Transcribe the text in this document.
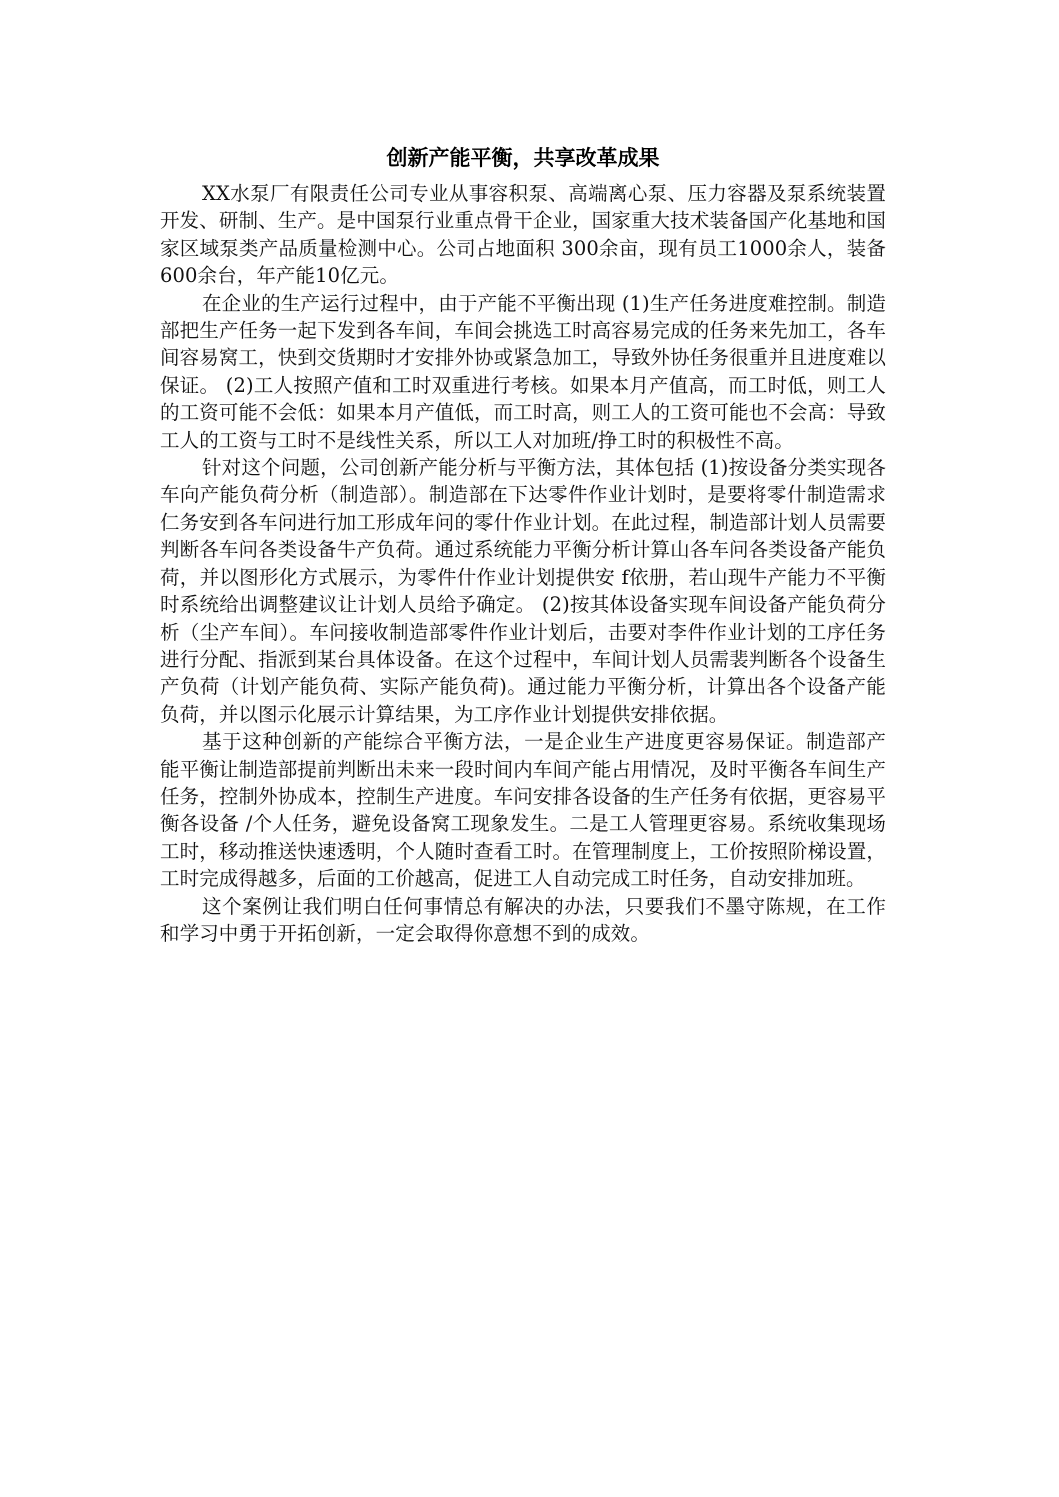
创新产能平衡，共享改革成果

XX水泵厂有限责任公司专业从事容积泵、高端离心泵、压力容器及泵系统装置开发、研制、生产。是中国泵行业重点骨干企业，国家重大技术装备国产化基地和国家区域泵类产品质量检测中心。公司占地面积 300余亩，现有员工1000余人，装备600余台，年产能10亿元。

在企业的生产运行过程中，由于产能不平衡出现 (1)生产任务进度难控制。制造部把生产任务一起下发到各车间，车间会挑选工时高容易完成的任务来先加工，各车间容易窝工，快到交货期时才安排外协或紧急加工，导致外协任务很重并且进度难以保证。 (2)工人按照产值和工时双重进行考核。如果本月产值高，而工时低，则工人的工资可能不会低：如果本月产值低，而工时高，则工人的工资可能也不会高：导致工人的工资与工时不是线性关系，所以工人对加班/挣工时的积极性不高。

针对这个问题，公司创新产能分析与平衡方法，其体包括 (1)按设备分类实现各车向产能负荷分析（制造部）。制造部在下达零件作业计划时，是要将零什制造需求仁务安到各车问进行加工形成年问的零什作业计划。在此过程，制造部计划人员需要判断各车问各类设备牛产负荷。通过系统能力平衡分析计算山各车问各类设备产能负荷，并以图形化方式展示，为零件什作业计划提供安 f依册，若山现牛产能力不平衡时系统给出调整建议让计划人员给予确定。 (2)按其体设备实现车间设备产能负荷分析（尘产车间）。车问接收制造部零件作业计划后，击要对李件作业计划的工序任务进行分配、指派到某台具体设备。在这个过程中，车间计划人员需裴判断各个设备生产负荷（计划产能负荷、实际产能负荷)。通过能力平衡分析，计算出各个设备产能负荷，并以图示化展示计算结果，为工序作业计划提供安排依据。

基于这种创新的产能综合平衡方法，一是企业生产进度更容易保证。制造部产能平衡让制造部提前判断出未来一段时间内车间产能占用情况，及时平衡各车间生产任务，控制外协成本，控制生产进度。车问安排各设备的生产任务有依据，更容易平衡各设备 /个人任务，避免设备窝工现象发生。二是工人管理更容易。系统收集现场工时，移动推送快速透明，个人随时查看工时。在管理制度上，工价按照阶梯设置，工时完成得越多，后面的工价越高，促进工人自动完成工时任务，自动安排加班。

这个案例让我们明白任何事情总有解决的办法，只要我们不墨守陈规，在工作和学习中勇于开拓创新，一定会取得你意想不到的成效。
